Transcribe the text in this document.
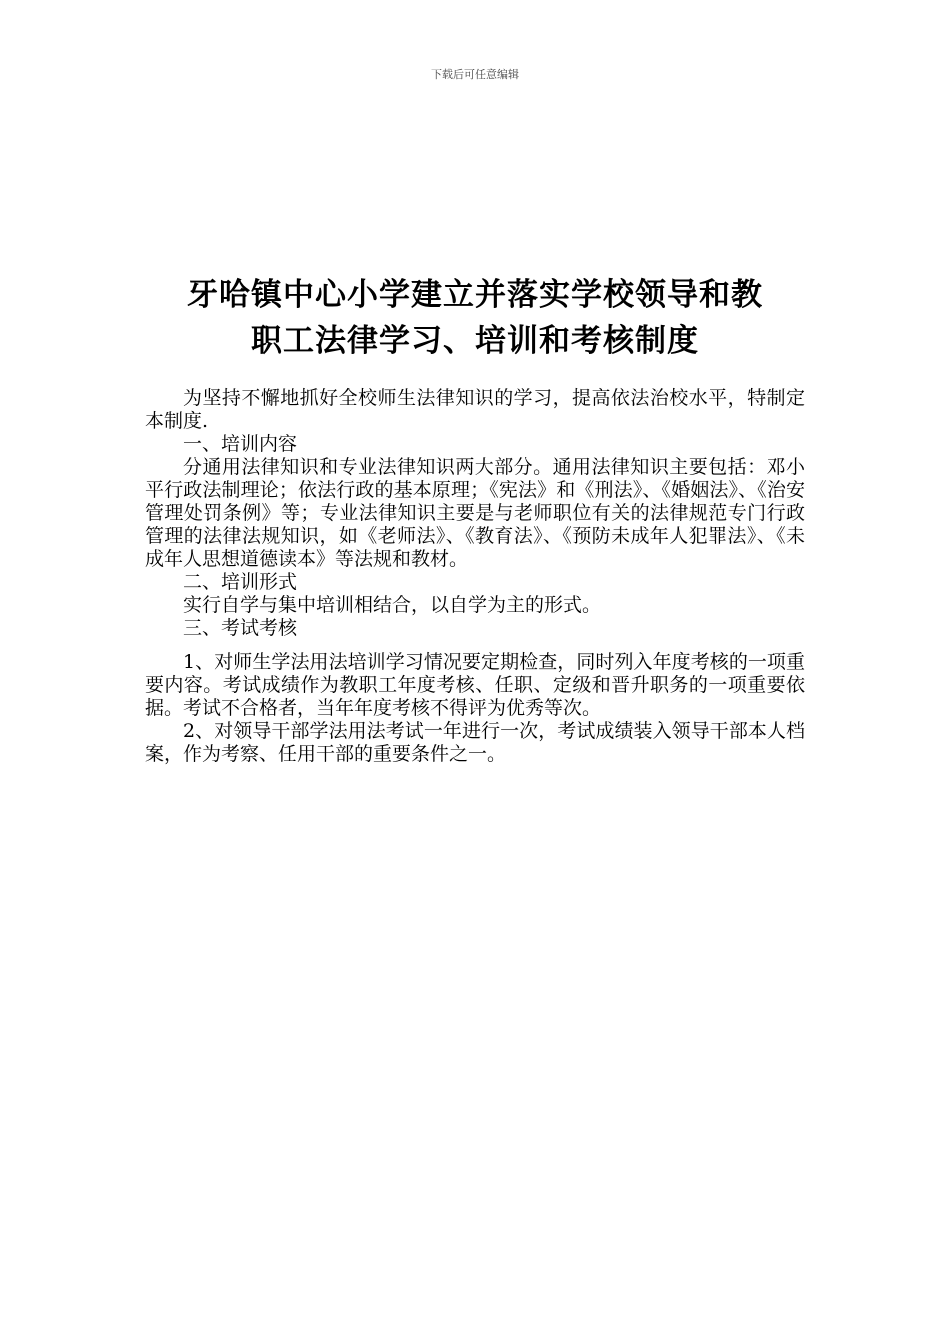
下载后可任意编辑
牙哈镇中心小学建立并落实学校领导和教
职工法律学习、培训和考核制度

为坚持不懈地抓好全校师生法律知识的学习，提高依法治校水平，特制定本制度.

一、培训内容

分通用法律知识和专业法律知识两大部分。通用法律知识主要包括：邓小平行政法制理论；依法行政的基本原理；《宪法》和《刑法》、《婚姻法》、《治安管理处罚条例》等；专业法律知识主要是与老师职位有关的法律规范专门行政管理的法律法规知识，如《老师法》、《教育法》、《预防未成年人犯罪法》、《未成年人思想道德读本》等法规和教材。

二、培训形式

实行自学与集中培训相结合，以自学为主的形式。

三、考试考核

1、对师生学法用法培训学习情况要定期检查，同时列入年度考核的一项重要内容。考试成绩作为教职工年度考核、任职、定级和晋升职务的一项重要依据。考试不合格者，当年年度考核不得评为优秀等次。

2、对领导干部学法用法考试一年进行一次，考试成绩装入领导干部本人档案，作为考察、任用干部的重要条件之一。
